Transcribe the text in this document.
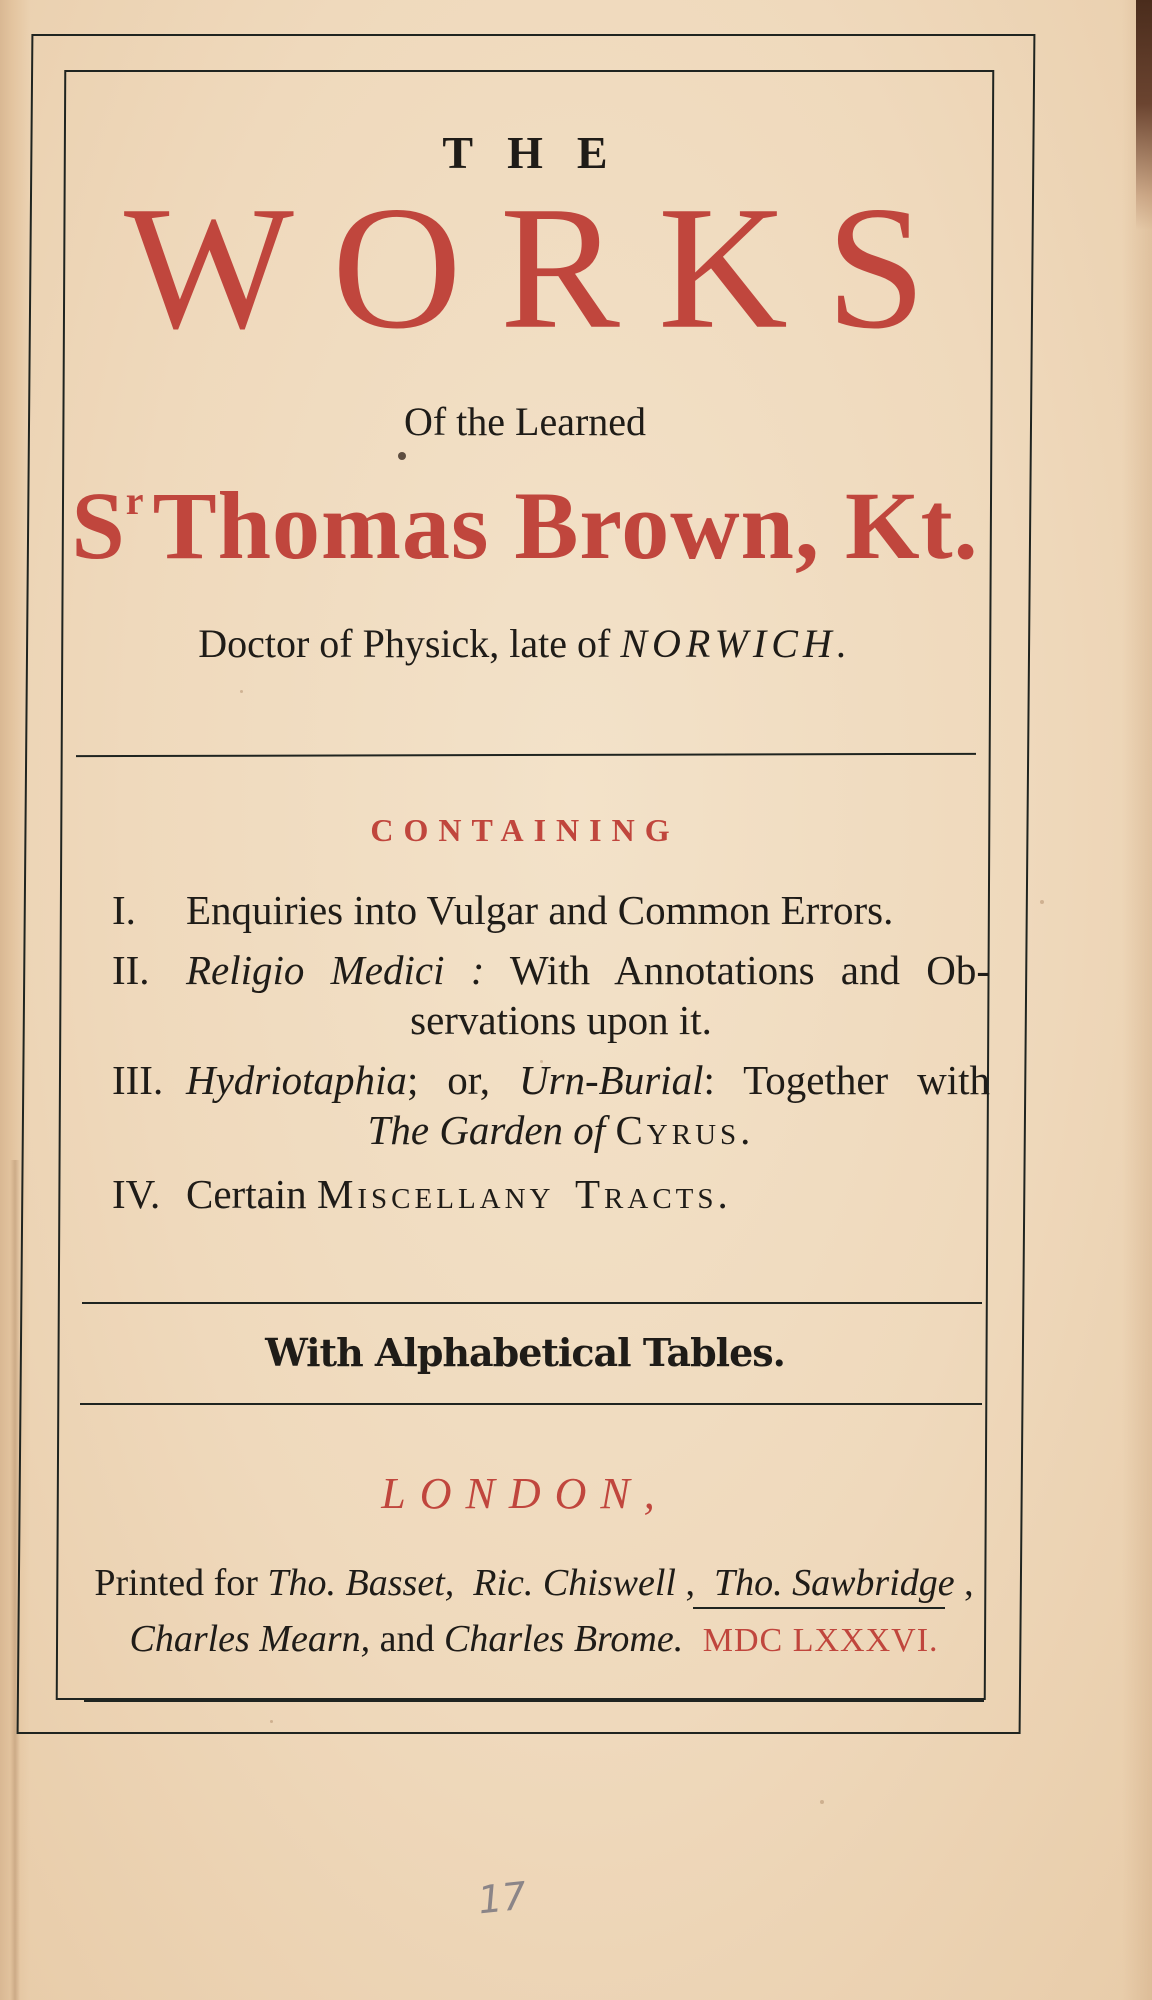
THE
WORKS
Of the Learned
$S^rThomas$ Brown, Kt.
Doctor of Physick, late of NORWICH.
CONTAINING
I.	Enquiries into Vulgar and Common Errors.
II. Religio Medici : With Annotations and Ob-
servations upon it.
III. Hydriotaphia; or, Urn-Burial: Together with
The Garden of Cyrus.
IV. Certain Miscellany Tracts.
With Alphabetical Tables.
LONDON,
Printed for Tho. Basset, Ric. Chiswell ,  Tho. Sawbridge ,
Charles Mearn, and Charles Brome. MDC LXXXVI.
17
